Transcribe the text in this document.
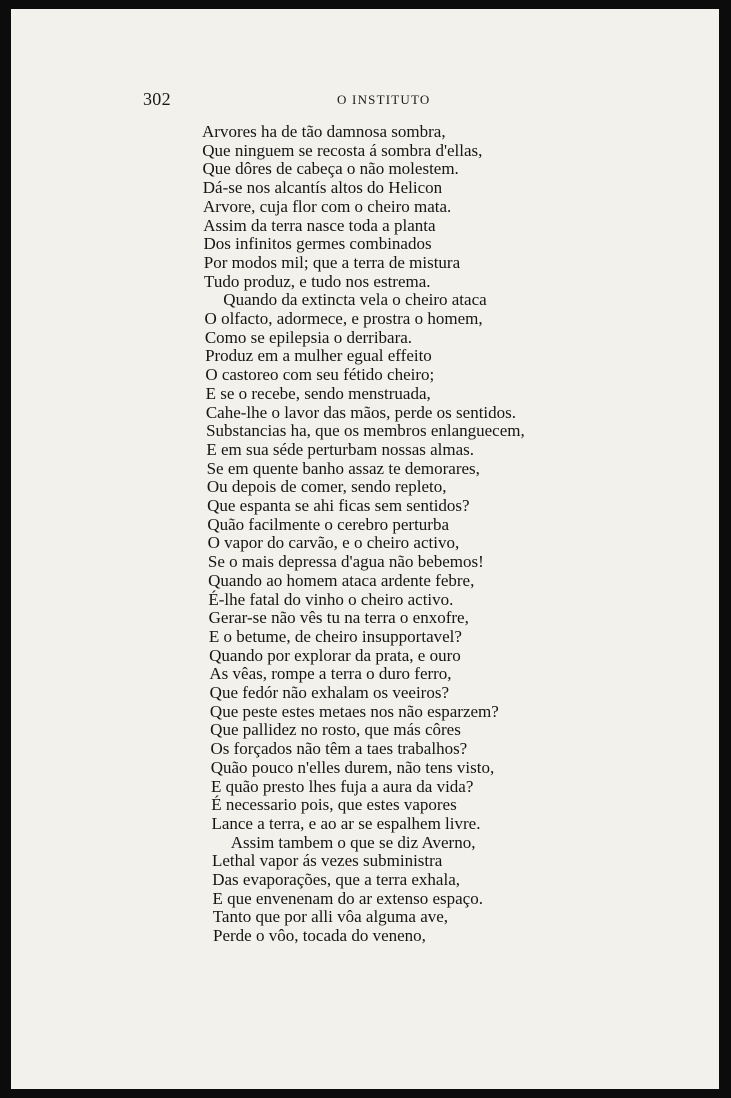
302	O INSTITUTO
Arvores ha de tão damnosa sombra,
Que ninguem se recosta á sombra d'ellas,
Que dôres de cabeça o não molestem.
Dá-se nos alcantís altos do Helicon
Arvore, cuja flor com o cheiro mata.
Assim da terra nasce toda a planta
Dos infinitos germes combinados
Por modos mil; que a terra de mistura
Tudo produz, e tudo nos estrema.
Quando da extincta vela o cheiro ataca
O olfacto, adormece, e prostra o homem,
Como se epilepsia o derribara.
Produz em a mulher egual effeito
O castoreo com seu fétido cheiro;
E se o recebe, sendo menstruada,
Cahe-lhe o lavor das mãos, perde os sentidos.
Substancias ha, que os membros enlanguecem,
E em sua séde perturbam nossas almas.
Se em quente banho assaz te demorares,
Ou depois de comer, sendo repleto,
Que espanta se ahi ficas sem sentidos?
Quão facilmente o cerebro perturba
O vapor do carvão, e o cheiro activo,
Se o mais depressa d'agua não bebemos!
Quando ao homem ataca ardente febre,
É-lhe fatal do vinho o cheiro activo.
Gerar-se não vês tu na terra o enxofre,
E o betume, de cheiro insupportavel?
Quando por explorar da prata, e ouro
As vêas, rompe a terra o duro ferro,
Que fedór não exhalam os veeiros?
Que peste estes metaes nos não esparzem?
Que pallidez no rosto, que más côres
Os forçados não têm a taes trabalhos?
Quão pouco n'elles durem, não tens visto,
E quão presto lhes fuja a aura da vida?
É necessario pois, que estes vapores
Lance a terra, e ao ar se espalhem livre.
Assim tambem o que se diz Averno,
Lethal vapor ás vezes subministra
Das evaporações, que a terra exhala,
E que envenenam do ar extenso espaço.
Tanto que por alli vôa alguma ave,
Perde o vôo, tocada do veneno,
